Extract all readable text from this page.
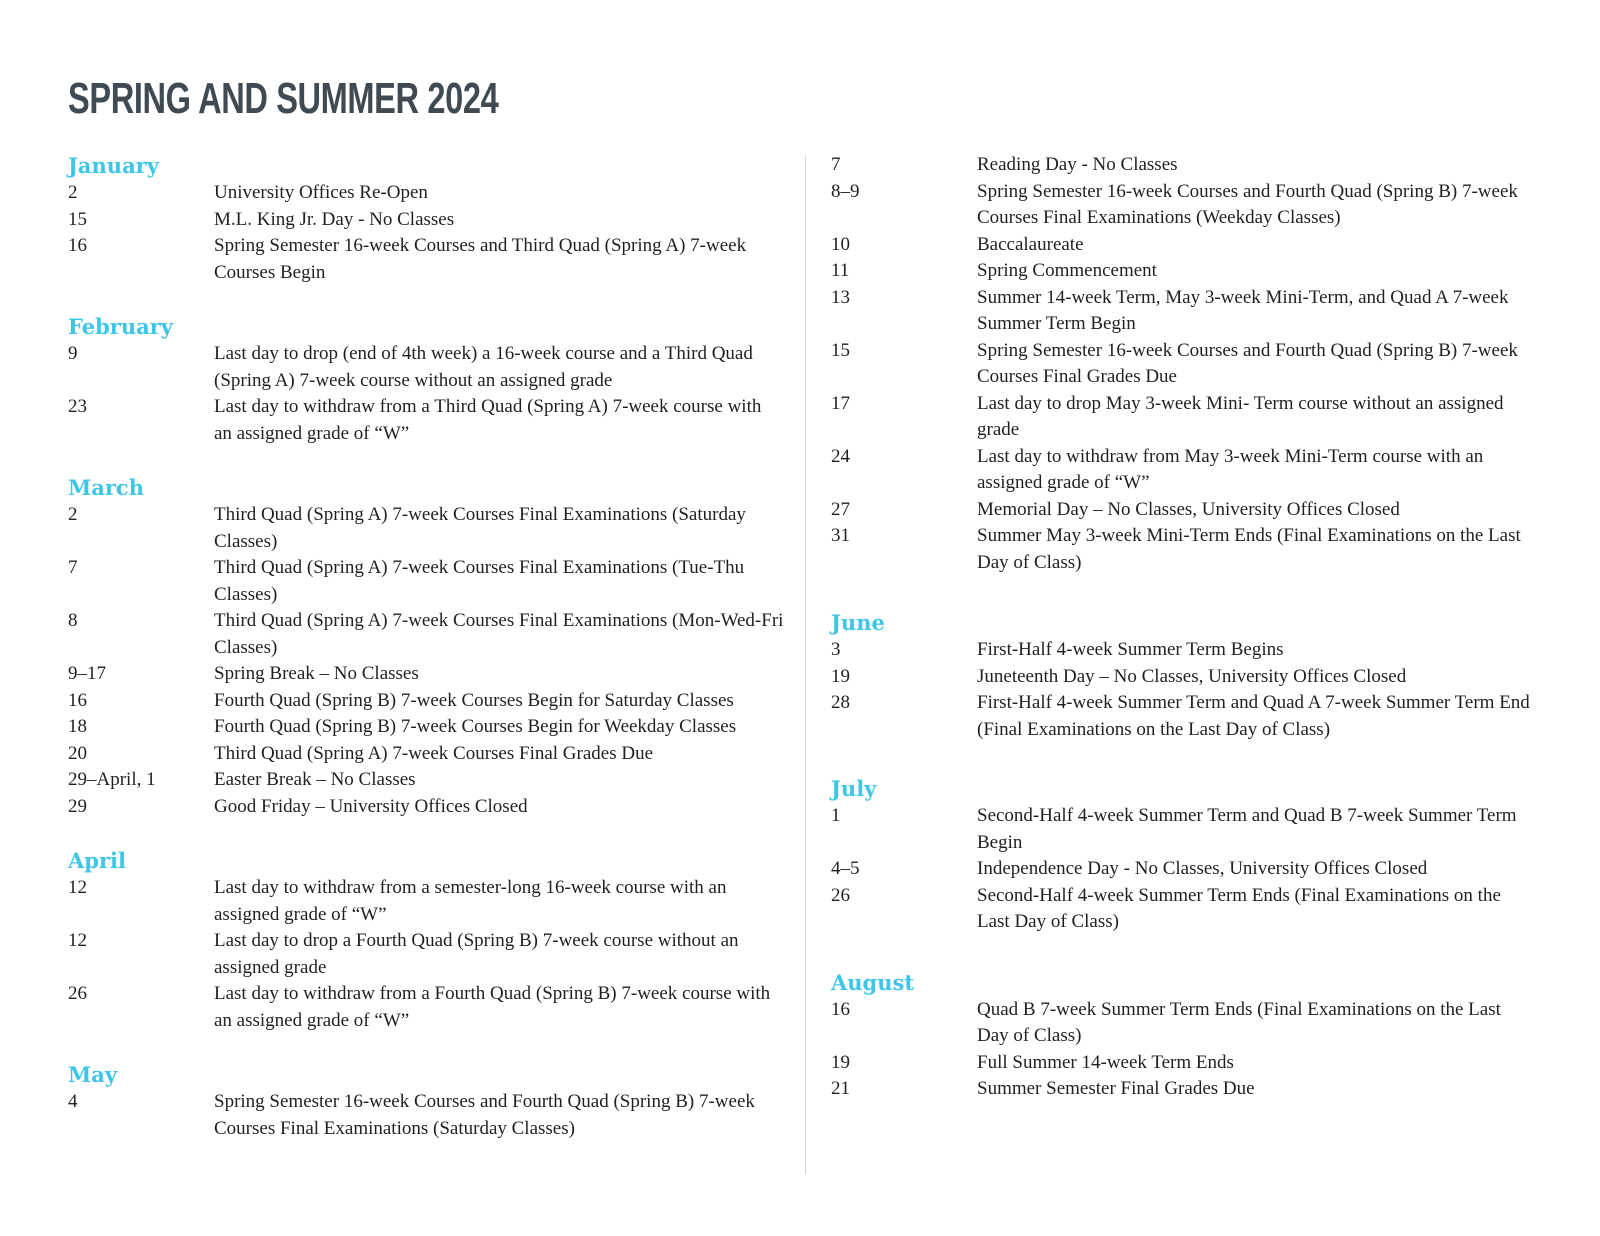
SPRING AND SUMMER 2024
January
2	University Offices Re-Open
15	M.L. King Jr. Day - No Classes
16	Spring Semester 16-week Courses and Third Quad (Spring A) 7-week Courses Begin
February
9	Last day to drop (end of 4th week) a 16-week course and a Third Quad (Spring A) 7-week course without an assigned grade
23	Last day to withdraw from a Third Quad (Spring A) 7-week course with an assigned grade of “W”
March
2	Third Quad (Spring A) 7-week Courses Final Examinations (Saturday Classes)
7	Third Quad (Spring A) 7-week Courses Final Examinations (Tue-Thu Classes)
8	Third Quad (Spring A) 7-week Courses Final Examinations (Mon-Wed-Fri Classes)
9–17	Spring Break – No Classes
16	Fourth Quad (Spring B) 7-week Courses Begin for Saturday Classes
18	Fourth Quad (Spring B) 7-week Courses Begin for Weekday Classes
20	Third Quad (Spring A) 7-week Courses Final Grades Due
29–April, 1	Easter Break – No Classes
29	Good Friday – University Offices Closed
April
12	Last day to withdraw from a semester-long 16-week course with an assigned grade of “W”
12	Last day to drop a Fourth Quad (Spring B) 7-week course without an assigned grade
26	Last day to withdraw from a Fourth Quad (Spring B) 7-week course with an assigned grade of “W”
May
4	Spring Semester 16-week Courses and Fourth Quad (Spring B) 7-week Courses Final Examinations (Saturday Classes)
7	Reading Day - No Classes
8–9	Spring Semester 16-week Courses and Fourth Quad (Spring B) 7-week Courses Final Examinations (Weekday Classes)
10	Baccalaureate
11	Spring Commencement
13	Summer 14-week Term, May 3-week Mini-Term, and Quad A 7-week Summer Term Begin
15	Spring Semester 16-week Courses and Fourth Quad (Spring B) 7-week Courses Final Grades Due
17	Last day to drop May 3-week Mini- Term course without an assigned grade
24	Last day to withdraw from May 3-week Mini-Term course with an assigned grade of “W”
27	Memorial Day – No Classes, University Offices Closed
31	Summer May 3-week Mini-Term Ends (Final Examinations on the Last Day of Class)
June
3	First-Half 4-week Summer Term Begins
19	Juneteenth Day – No Classes, University Offices Closed
28	First-Half 4-week Summer Term and Quad A 7-week Summer Term End (Final Examinations on the Last Day of Class)
July
1	Second-Half 4-week Summer Term and Quad B 7-week Summer Term Begin
4–5	Independence Day - No Classes, University Offices Closed
26	Second-Half 4-week Summer Term Ends (Final Examinations on the Last Day of Class)
August
16	Quad B 7-week Summer Term Ends (Final Examinations on the Last Day of Class)
19	Full Summer 14-week Term Ends
21	Summer Semester Final Grades Due
